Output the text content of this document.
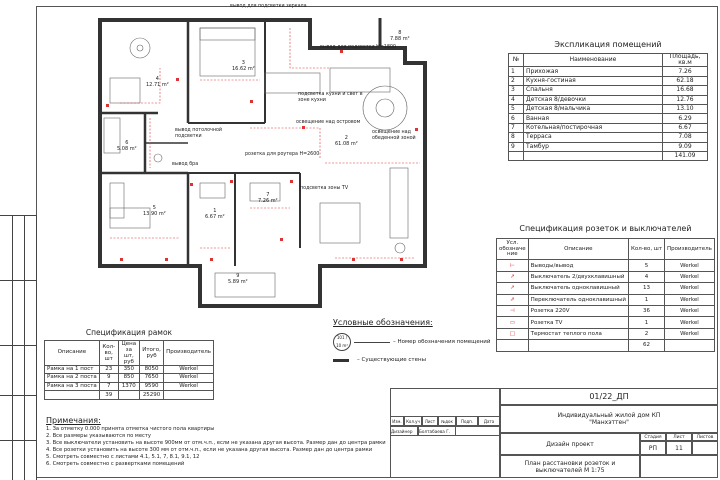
вывод для подсветки зеркала
вывод для подсветки Н=1800
подсветка кухни и свет в зоне кухни
освещение над островом
освещение над обеденной зоной
вывод потолочной подсветки
розетка для роутера Н=2600
подсветка зоны TV
вывод бра
3
16.62 m²
4
12.71 m²
8
7.88 m²
6
5.08 m²
2
61.08 m²
5
13.90 m²	1
6.67 m²
7
7.26 m²
9
5.89 m²
Экспликация помещений		
№	Наименование	Площадь, кв.м
1	Прихожая	7.26
2	Кухня-гостиная	62.18
3	Спальня	16.68
4	Детская 8/девочки	12.76
5	Детская 8/мальчика	13.10
6	Ванная	6.29
7	Котельная/постирочная	6.67
8	Терраса	7.08
9	Тамбур	9.09
		141.09
Спецификация розеток и выключателей			
Усл. обозначе ние	Описание	Кол-во, шт	Производитель
⊢	Выводы/вывод	5	Werkel
↗	Выключатель 2/двухклавишный	4	Werkel
↗	Выключатель одноклавишный	13	Werkel
⇗	Переключатель одноклавишный	1	Werkel
⊣	Розетка 220V	36	Werkel
▭	Розетка TV	1	Werkel
□	Термостат теплого пола	2	Werkel
		62	
Спецификация рамок				
Описание	Кол-во, шт	Цена за шт, руб	Итого, руб	Производитель
Рамка на 1 пост	23	350	8050	Werkel
Рамка на 2 поста	9	850	7650	Werkel
Рамка на 3 поста	7	1370	9590	Werkel
	39		25290	
Условные обозначения:
101 / 10 m²
– Номер обозначения помещений
– Существующие стены
Примечания:
1. За отметку 0.000 принята отметка чистого пола квартиры
2. Все размеры указываются по месту
3. Все выключатели установить на высоте 900мм от отм.ч.п., если не указана другая высота. Размер дан до центра рамки
4. Все розетки установить на высоте 300 мм от отм.ч.п., если не указана другая высота. Размер дан до центра рамки
5. Смотреть совместно с листами 4.1, 5.1, 7, 8.1, 9.1, 12
6. Смотреть совместно с развертками помещений
Изм.	Кол.уч	Лист	№док	Подп.	Дата
Дизайнер	Болтабаева Г.
01/22_ДП
Индивидуальный жилой дом КП "Манхэттен"
Дизайн проект
Стадия	Лист	Листов
РП	11
План расстановки розеток и выключателей М 1:75
